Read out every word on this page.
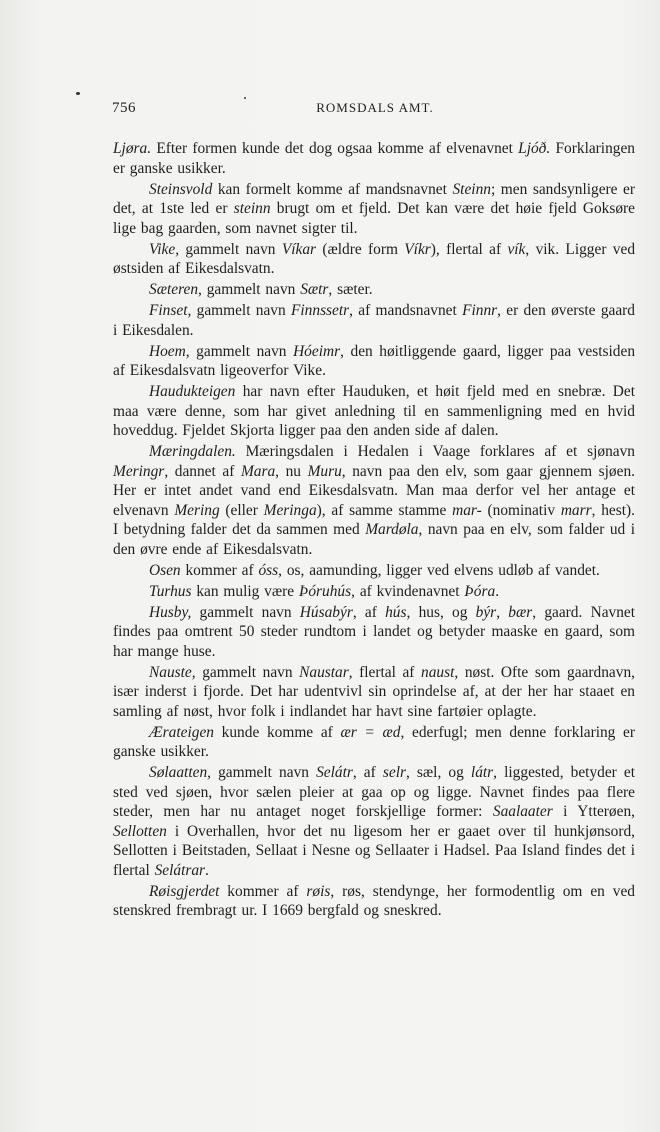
756	ROMSDALS AMT.

Ljøra. Efter formen kunde det dog ogsaa komme af elvenavnet Ljóð. Forklaringen er ganske usikker.

Steinsvold kan formelt komme af mandsnavnet Steinn; men sandsynligere er det, at 1ste led er steinn brugt om et fjeld. Det kan være det høie fjeld Goksøre lige bag gaarden, som navnet sigter til.

Vike, gammelt navn Víkar (ældre form Víkr), flertal af vík, vik. Ligger ved østsiden af Eikesdalsvatn.

Sæteren, gammelt navn Sætr, sæter.

Finset, gammelt navn Finnssetr, af mandsnavnet Finnr, er den øverste gaard i Eikesdalen.

Hoem, gammelt navn Hóeimr, den høitliggende gaard, ligger paa vestsiden af Eikesdalsvatn ligeoverfor Vike.

Haudukteigen har navn efter Hauduken, et høit fjeld med en snebræ. Det maa være denne, som har givet anledning til en sammenligning med en hvid hoveddug. Fjeldet Skjorta ligger paa den anden side af dalen.

Mæringdalen. Mæringsdalen i Hedalen i Vaage forklares af et sjønavn Meringr, dannet af Mara, nu Muru, navn paa den elv, som gaar gjennem sjøen. Her er intet andet vand end Eikesdalsvatn. Man maa derfor vel her antage et elvenavn Mering (eller Meringa), af samme stamme mar- (nominativ marr, hest). I betydning falder det da sammen med Mardøla, navn paa en elv, som falder ud i den øvre ende af Eikesdalsvatn.

Osen kommer af óss, os, aamunding, ligger ved elvens udløb af vandet.

Turhus kan mulig være Þóruhús, af kvindenavnet Þóra.

Husby, gammelt navn Húsabýr, af hús, hus, og býr, bær, gaard. Navnet findes paa omtrent 50 steder rundtom i landet og betyder maaske en gaard, som har mange huse.

Nauste, gammelt navn Naustar, flertal af naust, nøst. Ofte som gaardnavn, især inderst i fjorde. Det har udentvivl sin oprindelse af, at der her har staaet en samling af nøst, hvor folk i indlandet har havt sine fartøier oplagte.

Ærateigen kunde komme af ær = æd, ederfugl; men denne forklaring er ganske usikker.

Sølaatten, gammelt navn Selátr, af selr, sæl, og látr, liggested, betyder et sted ved sjøen, hvor sælen pleier at gaa op og ligge. Navnet findes paa flere steder, men har nu antaget noget forskjellige former: Saalaater i Ytterøen, Sellotten i Overhallen, hvor det nu ligesom her er gaaet over til hunkjønsord, Sellotten i Beitstaden, Sellaat i Nesne og Sellaater i Hadsel. Paa Island findes det i flertal Selátrar.

Røisgjerdet kommer af røis, røs, stendynge, her formodentlig om en ved stenskred frembragt ur. I 1669 bergfald og sneskred.
